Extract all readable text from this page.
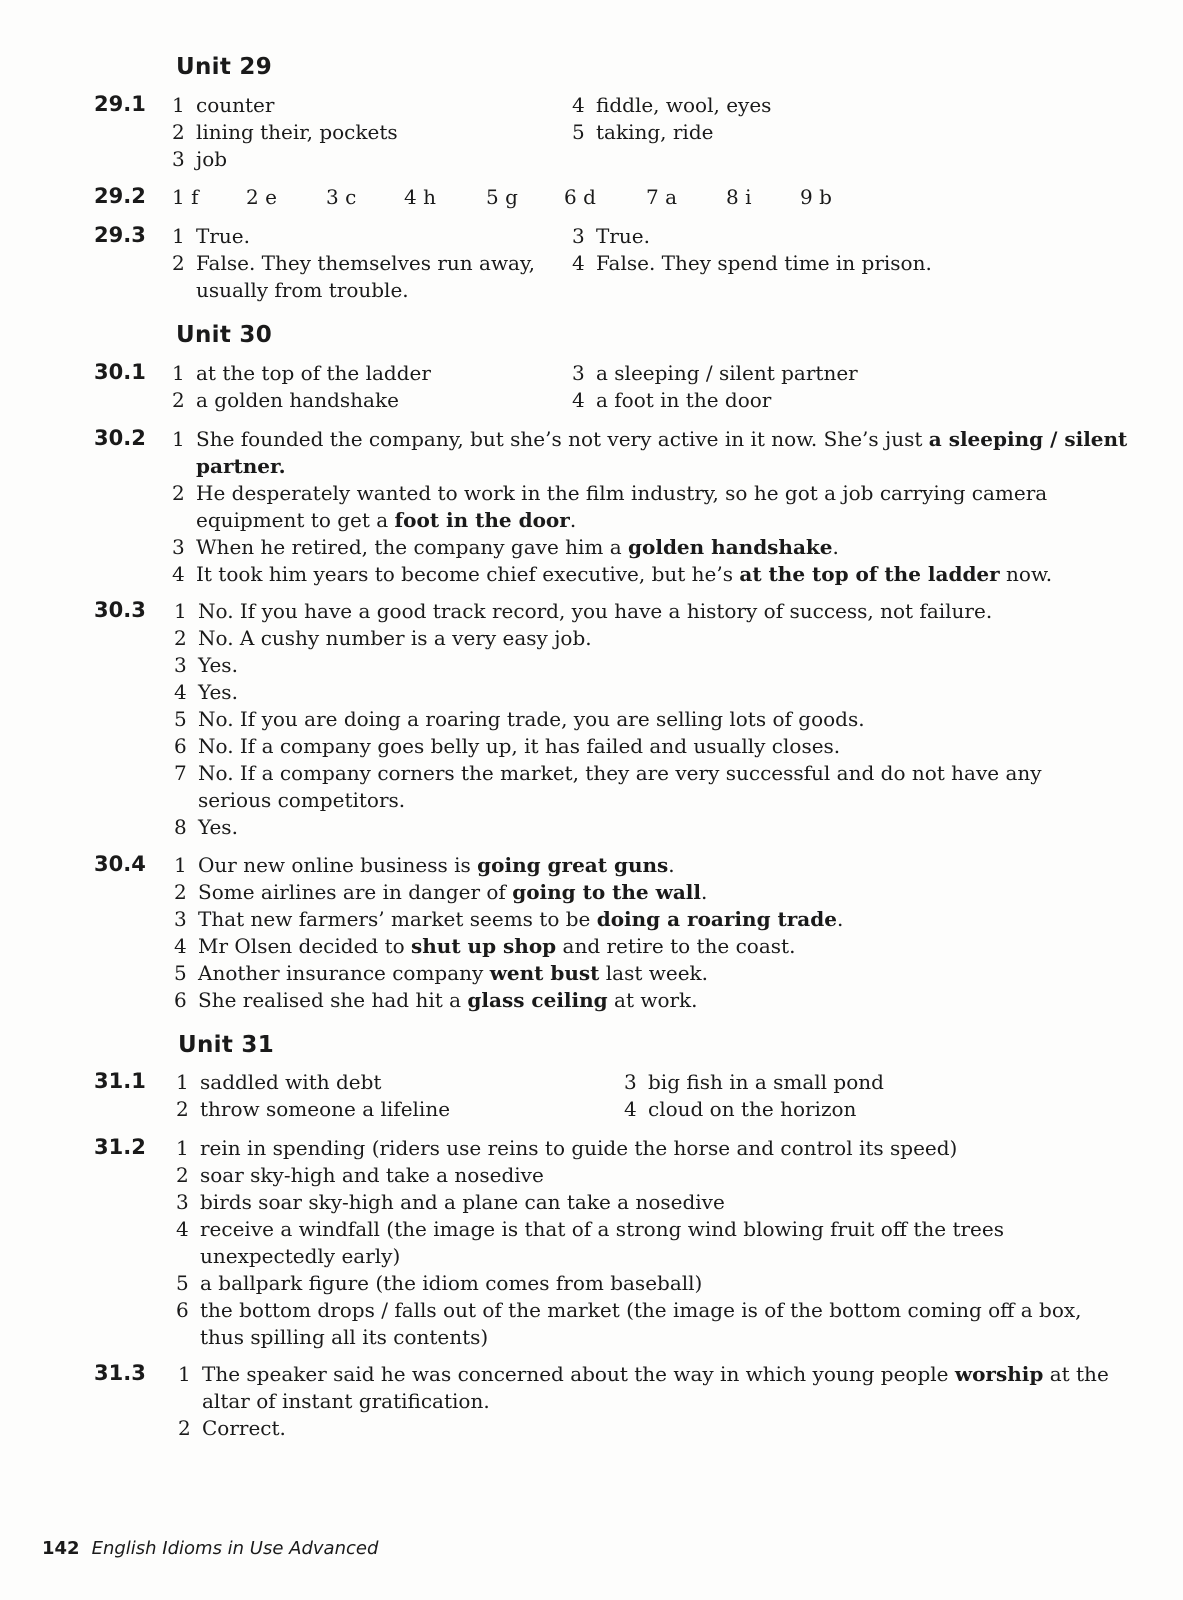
Unit 29
29.1 1 counter
2 lining their, pockets
3 job
4 fiddle, wool, eyes
5 taking, ride
29.2 1 f 2 e 3 c 4 h	5 g 6 d	7 a 8 i 9 b
29.3 1 True.
2 False. They themselves run away,
usually from trouble.
3 True.
4 False. They spend time in prison.
Unit 30
30.1 1 at the top of the ladder
2 a golden handshake
3 a sleeping / silent partner
4 a foot in the door
30.2 1 She founded the company, but she’s not very active in it now. She’s just a sleeping / silent
partner.
2 He desperately wanted to work in the film industry, so he got a job carrying camera
equipment to get a foot in the door.
3 When he retired, the company gave him a golden handshake.
4 It took him years to become chief executive, but he’s at the top of the ladder now.
30.3 1 No. If you have a good track record, you have a history of success, not failure.
2 No. A cushy number is a very easy job.
3 Yes.
4 Yes.
5 No. If you are doing a roaring trade, you are selling lots of goods.
6 No. If a company goes belly up, it has failed and usually closes.
7 No. If a company corners the market, they are very successful and do not have any
serious competitors.
8 Yes.
30.4 1 Our new online business is going great guns.
2 Some airlines are in danger of going to the wall.
3 That new farmers’ market seems to be doing a roaring trade.
4 Mr Olsen decided to shut up shop and retire to the coast.
5 Another insurance company went bust last week.
6 She realised she had hit a glass ceiling at work.
Unit 31
31.1 1 saddled with debt
2 throw someone a lifeline
3 big fish in a small pond
4 cloud on the horizon
31.2 1 rein in spending (riders use reins to guide the horse and control its speed)
2 soar sky-high and take a nosedive
3 birds soar sky-high and a plane can take a nosedive
4 receive a windfall (the image is that of a strong wind blowing fruit off the trees
unexpectedly early)
5 a ballpark figure (the idiom comes from baseball)
6 the bottom drops / falls out of the market (the image is of the bottom coming off a box,
thus spilling all its contents)
31.3 1 The speaker said he was concerned about the way in which young people worship at the
altar of instant gratification.
2 Correct.
142 English Idioms in Use Advanced
